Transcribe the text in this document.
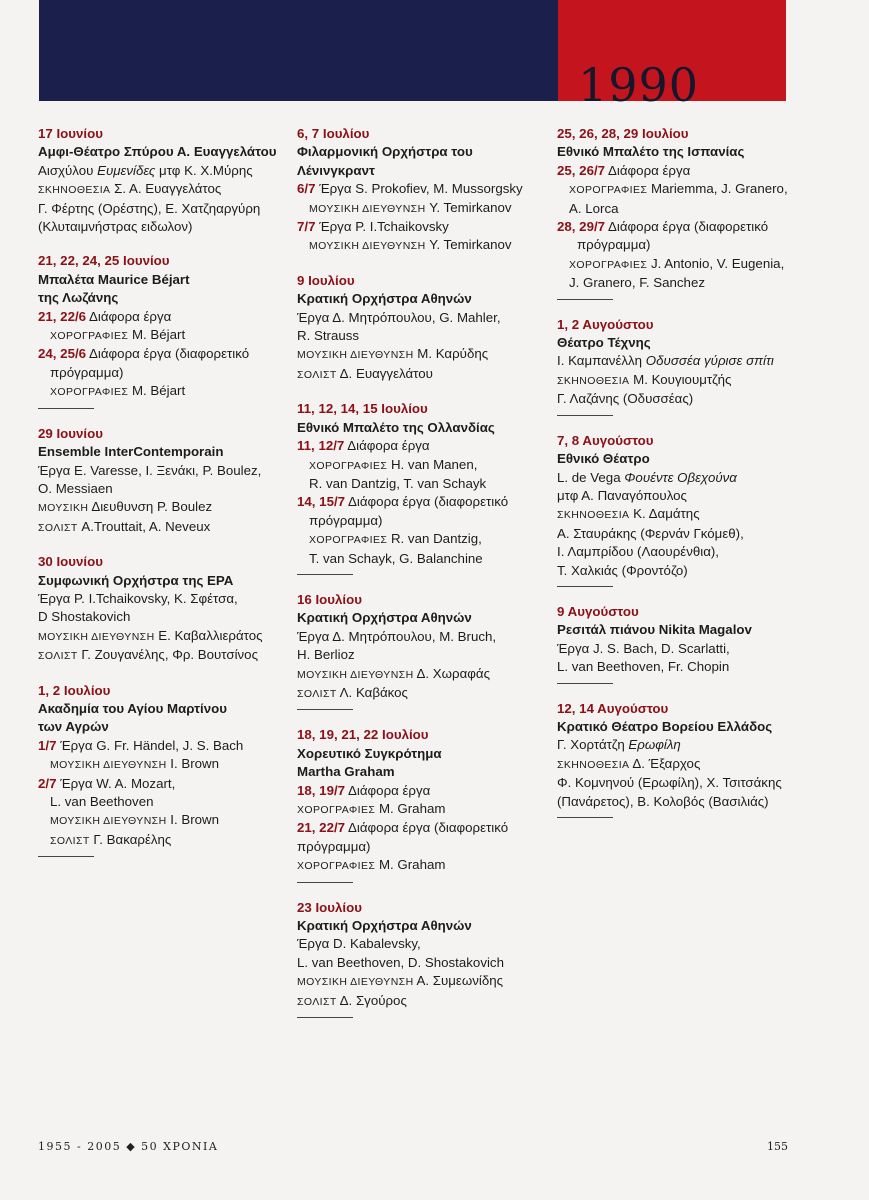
1990
17 Ιουνίου
Αμφι-Θέατρο Σπύρου Α. Ευαγγελάτου
Αισχύλου Ευμενίδες μτφ Κ. Χ.Μύρης
ΣΚΗΝΟΘΕΣΙΑ Σ. Α. Ευαγγελάτος
Γ. Φέρτης (Ορέστης), Ε. Χατζηαργύρη
(Κλυταιμνήστρας ειδωλον)
21, 22, 24, 25 Ιουνίου
Μπαλέτα Maurice Béjart
της Λωζάνης
21, 22/6 Διάφορα έργα
ΧΟΡΟΓΡΑΦΙΕΣ M. Béjart
24, 25/6 Διάφορα έργα (διαφορετικό
πρόγραμμα)
ΧΟΡΟΓΡΑΦΙΕΣ M. Béjart
29 Ιουνίου
Ensemble InterContemporain
Έργα E. Varesse, Ι. Ξενάκι, P. Boulez,
O. Messiaen
ΜΟΥΣΙΚΗ Διευθυνση P. Boulez
ΣΟΛΙΣΤ A.Trouttait, A. Neveux
30 Ιουνίου
Συμφωνική Ορχήστρα της ΕΡΑ
Έργα P. I.Tchaikovsky, Κ. Σφέτσα,
D Shostakovich
ΜΟΥΣΙΚΗ ΔΙΕΥΘΥΝΣΗ Ε. Καβαλλιεράτος
ΣΟΛΙΣΤ Γ. Ζουγανέλης, Φρ. Βουτσίνος
1, 2 Ιουλίου
Ακαδημία του Αγίου Μαρτίνου
των Αγρών
1/7 Έργα G. Fr. Händel, J. S. Bach
ΜΟΥΣΙΚΗ ΔΙΕΥΘΥΝΣΗ I. Brown
2/7 Έργα W. A. Mozart,
L. van Beethoven
ΜΟΥΣΙΚΗ ΔΙΕΥΘΥΝΣΗ I. Brown
ΣΟΛΙΣΤ Γ. Βακαρέλης
6, 7 Ιουλίου
Φιλαρμονική Ορχήστρα του
Λένινγκραντ
6/7 Έργα S. Prokofiev, M. Mussorgsky
ΜΟΥΣΙΚΗ ΔΙΕΥΘΥΝΣΗ Y. Temirkanov
7/7 Έργα P. I.Tchaikovsky
ΜΟΥΣΙΚΗ ΔΙΕΥΘΥΝΣΗ Y. Temirkanov
9 Ιουλίου
Κρατική Ορχήστρα Αθηνών
Έργα Δ. Μητρόπουλου, G. Mahler,
R. Strauss
ΜΟΥΣΙΚΗ ΔΙΕΥΘΥΝΣΗ Μ. Καρύδης
ΣΟΛΙΣΤ Δ. Ευαγγελάτου
11, 12, 14, 15 Ιουλίου
Εθνικό Μπαλέτο της Ολλανδίας
11, 12/7 Διάφορα έργα
ΧΟΡΟΓΡΑΦΙΕΣ H. van Manen,
R. van Dantzig, T. van Schayk
14, 15/7 Διάφορα έργα (διαφορετικό
πρόγραμμα)
ΧΟΡΟΓΡΑΦΙΕΣ R. van Dantzig,
T. van Schayk, G. Balanchine
16 Ιουλίου
Κρατική Ορχήστρα Αθηνών
Έργα Δ. Μητρόπουλου, M. Bruch,
H. Berlioz
ΜΟΥΣΙΚΗ ΔΙΕΥΘΥΝΣΗ Δ. Χωραφάς
ΣΟΛΙΣΤ Λ. Καβάκος
18, 19, 21, 22 Ιουλίου
Χορευτικό Συγκρότημα
Martha Graham
18, 19/7 Διάφορα έργα
ΧΟΡΟΓΡΑΦΙΕΣ M. Graham
21, 22/7 Διάφορα έργα (διαφορετικό
πρόγραμμα)
ΧΟΡΟΓΡΑΦΙΕΣ M. Graham
23 Ιουλίου
Κρατική Ορχήστρα Αθηνών
Έργα D. Kabalevsky,
L. van Beethoven, D. Shostakovich
ΜΟΥΣΙΚΗ ΔΙΕΥΘΥΝΣΗ Α. Συμεωνίδης
ΣΟΛΙΣΤ Δ. Σγούρος
25, 26, 28, 29 Ιουλίου
Εθνικό Μπαλέτο της Ισπανίας
25, 26/7 Διάφορα έργα
ΧΟΡΟΓΡΑΦΙΕΣ Mariemma, J. Granero,
A. Lorca
28, 29/7 Διάφορα έργα (διαφορετικό
πρόγραμμα)
ΧΟΡΟΓΡΑΦΙΕΣ J. Antonio, V. Eugenia,
J. Granero, F. Sanchez
1, 2 Αυγούστου
Θέατρο Τέχνης
Ι. Καμπανέλλη Οδυσσέα γύρισε σπίτι
ΣΚΗΝΟΘΕΣΙΑ Μ. Κουγιουμτζής
Γ. Λαζάνης (Οδυσσέας)
7, 8 Αυγούστου
Εθνικό Θέατρο
L. de Vega Φουέντε Οβεχούνα
μτφ Α. Παναγόπουλος
ΣΚΗΝΟΘΕΣΙΑ Κ. Δαμάτης
Α. Σταυράκης (Φερνάν Γκόμεθ),
Ι. Λαμπρίδου (Λαουρένθια),
Τ. Χαλκιάς (Φροντόζο)
9 Αυγούστου
Ρεσιτάλ πιάνου Nikita Magalov
Έργα J. S. Bach, D. Scarlatti,
L. van Beethoven, Fr. Chopin
12, 14 Αυγούστου
Κρατικό Θέατρο Βορείου Ελλάδος
Γ. Χορτάτζη Ερωφίλη
ΣΚΗΝΟΘΕΣΙΑ Δ. Έξαρχος
Φ. Κομνηνού (Ερωφίλη), Χ. Τσιτσάκης
(Πανάρετος), Β. Κολοβός (Βασιλιάς)
1955 - 2005 ◆ 50 ΧΡΟΝΙΑ	155
